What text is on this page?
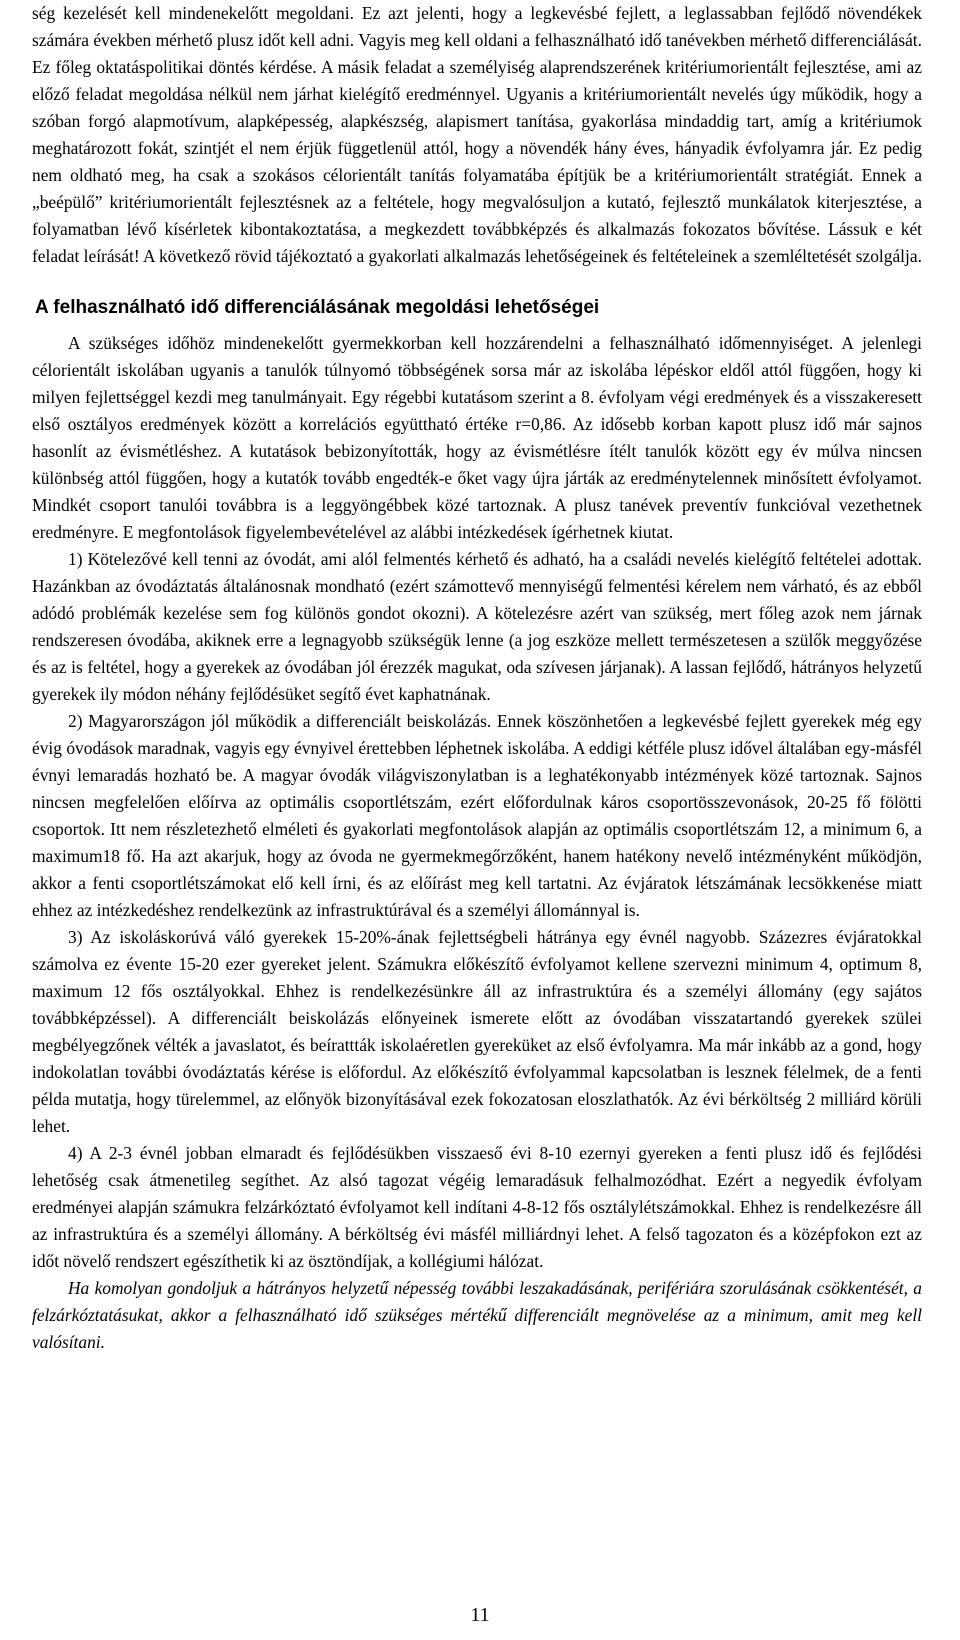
ség kezelését kell mindenekelőtt megoldani. Ez azt jelenti, hogy a legkevésbé fejlett, a leglassabban fejlődő növendékek számára években mérhető plusz időt kell adni. Vagyis meg kell oldani a felhasználható idő tanévekben mérhető differenciálását. Ez főleg oktatáspolitikai döntés kérdése. A másik feladat a személyiség alaprendszerének kritériumorientált fejlesztése, ami az előző feladat megoldása nélkül nem járhat kielégítő eredménnyel. Ugyanis a kritériumorientált nevelés úgy működik, hogy a szóban forgó alapmotívum, alapképesség, alapkészség, alapismert tanítása, gyakorlása mindaddig tart, amíg a kritériumok meghatározott fokát, szintjét el nem érjük függetlenül attól, hogy a növendék hány éves, hányadik évfolyamra jár. Ez pedig nem oldható meg, ha csak a szokásos célorientált tanítás folyamatába építjük be a kritériumorientált stratégiát. Ennek a „beépülő” kritériumorientált fejlesztésnek az a feltétele, hogy megvalósuljon a kutató, fejlesztő munkálatok kiterjesztése, a folyamatban lévő kísérletek kibontakoztatása, a megkezdett továbbképzés és alkalmazás fokozatos bővítése. Lássuk e két feladat leírását! A következő rövid tájékoztató a gyakorlati alkalmazás lehetőségeinek és feltételeinek a szemléltetését szolgálja.

A felhasználható idő differenciálásának megoldási lehetőségei

A szükséges időhöz mindenekelőtt gyermekkorban kell hozzárendelni a felhasználható időmennyiséget. A jelenlegi célorientált iskolában ugyanis a tanulók túlnyomó többségének sorsa már az iskolába lépéskor eldől attól függően, hogy ki milyen fejlettséggel kezdi meg tanulmányait. Egy régebbi kutatásom szerint a 8. évfolyam végi eredmények és a visszakeresett első osztályos eredmények között a korrelációs együttható értéke r=0,86. Az idősebb korban kapott plusz idő már sajnos hasonlít az évismétléshez. A kutatások bebizonyították, hogy az évismétlésre ítélt tanulók között egy év múlva nincsen különbség attól függően, hogy a kutatók tovább engedték-e őket vagy újra járták az eredménytelennek minősített évfolyamot. Mindkét csoport tanulói továbbra is a leggyöngébbek közé tartoznak. A plusz tanévek preventív funkcióval vezethetnek eredményre. E megfontolások figyelembevételével az alábbi intézkedések ígérhetnek kiutat.

1) Kötelezővé kell tenni az óvodát, ami alól felmentés kérhető és adható, ha a családi nevelés kielégítő feltételei adottak. Hazánkban az óvodáztatás általánosnak mondható (ezért számottevő mennyiségű felmentési kérelem nem várható, és az ebből adódó problémák kezelése sem fog különös gondot okozni). A kötelezésre azért van szükség, mert főleg azok nem járnak rendszeresen óvodába, akiknek erre a legnagyobb szükségük lenne (a jog eszköze mellett természetesen a szülők meggyőzése és az is feltétel, hogy a gyerekek az óvodában jól érezzék magukat, oda szívesen járjanak). A lassan fejlődő, hátrányos helyzetű gyerekek ily módon néhány fejlődésüket segítő évet kaphatnának.

2) Magyarországon jól működik a differenciált beiskolázás. Ennek köszönhetően a legkevésbé fejlett gyerekek még egy évig óvodások maradnak, vagyis egy évnyivel érettebben léphetnek iskolába. A eddigi kétféle plusz idővel általában egy-másfél évnyi lemaradás hozható be. A magyar óvodák világviszonylatban is a leghatékonyabb intézmények közé tartoznak. Sajnos nincsen megfelelően előírva az optimális csoportlétszám, ezért előfordulnak káros csoportösszevonások, 20-25 fő fölötti csoportok. Itt nem részletezhető elméleti és gyakorlati megfontolások alapján az optimális csoportlétszám 12, a minimum 6, a maximum18 fő. Ha azt akarjuk, hogy az óvoda ne gyermekmegőrzőként, hanem hatékony nevelő intézményként működjön, akkor a fenti csoportlétszámokat elő kell írni, és az előírást meg kell tartatni. Az évjáratok létszámának lecsökkenése miatt ehhez az intézkedéshez rendelkezünk az infrastruktúrával és a személyi állománnyal is.

3) Az iskoláskorúvá váló gyerekek 15-20%-ának fejlettségbeli hátránya egy évnél nagyobb. Százezres évjáratokkal számolva ez évente 15-20 ezer gyereket jelent. Számukra előkészítő évfolyamot kellene szervezni minimum 4, optimum 8, maximum 12 fős osztályokkal. Ehhez is rendelkezésünkre áll az infrastruktúra és a személyi állomány (egy sajátos továbbképzéssel). A differenciált beiskolázás előnyeinek ismerete előtt az óvodában visszatartandó gyerekek szülei megbélyegzőnek vélték a javaslatot, és beírattták iskolaéretlen gyereküket az első évfolyamra. Ma már inkább az a gond, hogy indokolatlan további óvodáztatás kérése is előfordul. Az előkészítő évfolyammal kapcsolatban is lesznek félelmek, de a fenti példa mutatja, hogy türelemmel, az előnyök bizonyításával ezek fokozatosan eloszlathatók. Az évi bérköltség 2 milliárd körüli lehet.

4) A 2-3 évnél jobban elmaradt és fejlődésükben visszaeső évi 8-10 ezernyi gyereken a fenti plusz idő és fejlődési lehetőség csak átmenetileg segíthet. Az alsó tagozat végéig lemaradásuk felhalmozódhat. Ezért a negyedik évfolyam eredményei alapján számukra felzárkóztató évfolyamot kell indítani 4-8-12 fős osztálylétszámokkal. Ehhez is rendelkezésre áll az infrastruktúra és a személyi állomány. A bérköltség évi másfél milliárdnyi lehet. A felső tagozaton és a középfokon ezt az időt növelő rendszert egészíthetik ki az ösztöndíjak, a kollégiumi hálózat.

Ha komolyan gondoljuk a hátrányos helyzetű népesség további leszakadásának, perifériára szorulásának csökkentését, a felzárkóztatásukat, akkor a felhasználható idő szükséges mértékű differenciált megnövelése az a minimum, amit meg kell valósítani.

11
